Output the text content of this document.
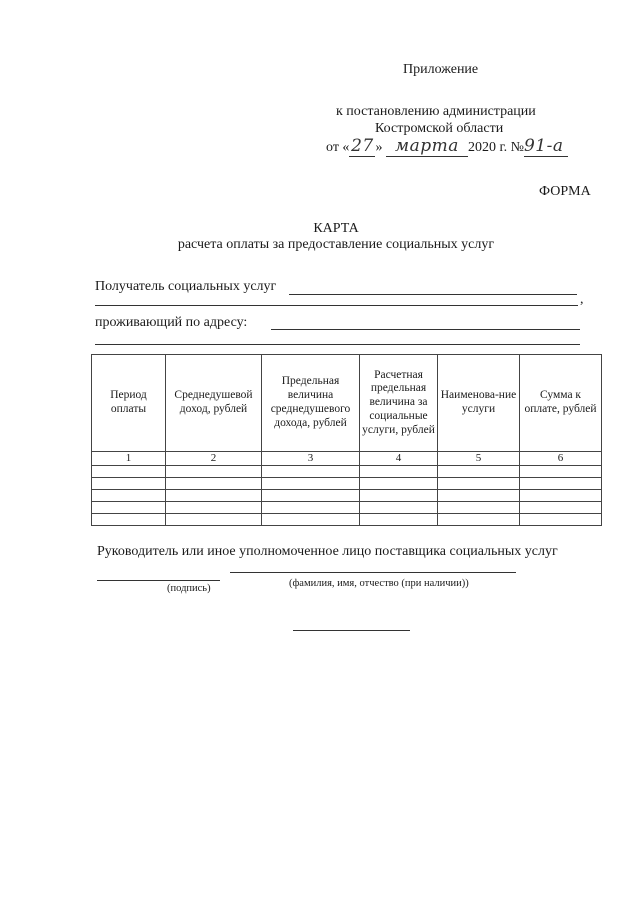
Приложение
к постановлению администрации
Костромской области
от «27 » марта 2020 г. №91-а
ФОРМА
КАРТА
расчета оплаты за предоставление социальных услуг
Получатель социальных услуг
,
проживающий по адресу:
Период оплаты	Среднедушевой доход, рублей	Предельная величина среднедушевого дохода, рублей	Расчетная предельная величина за социальные услуги, рублей	Наименова-ние услуги	Сумма к оплате, рублей
1	2	3	4	5	6

Руководитель или иное уполномоченное лицо поставщика социальных услуг
(подпись)	(фамилия, имя, отчество (при наличии))
